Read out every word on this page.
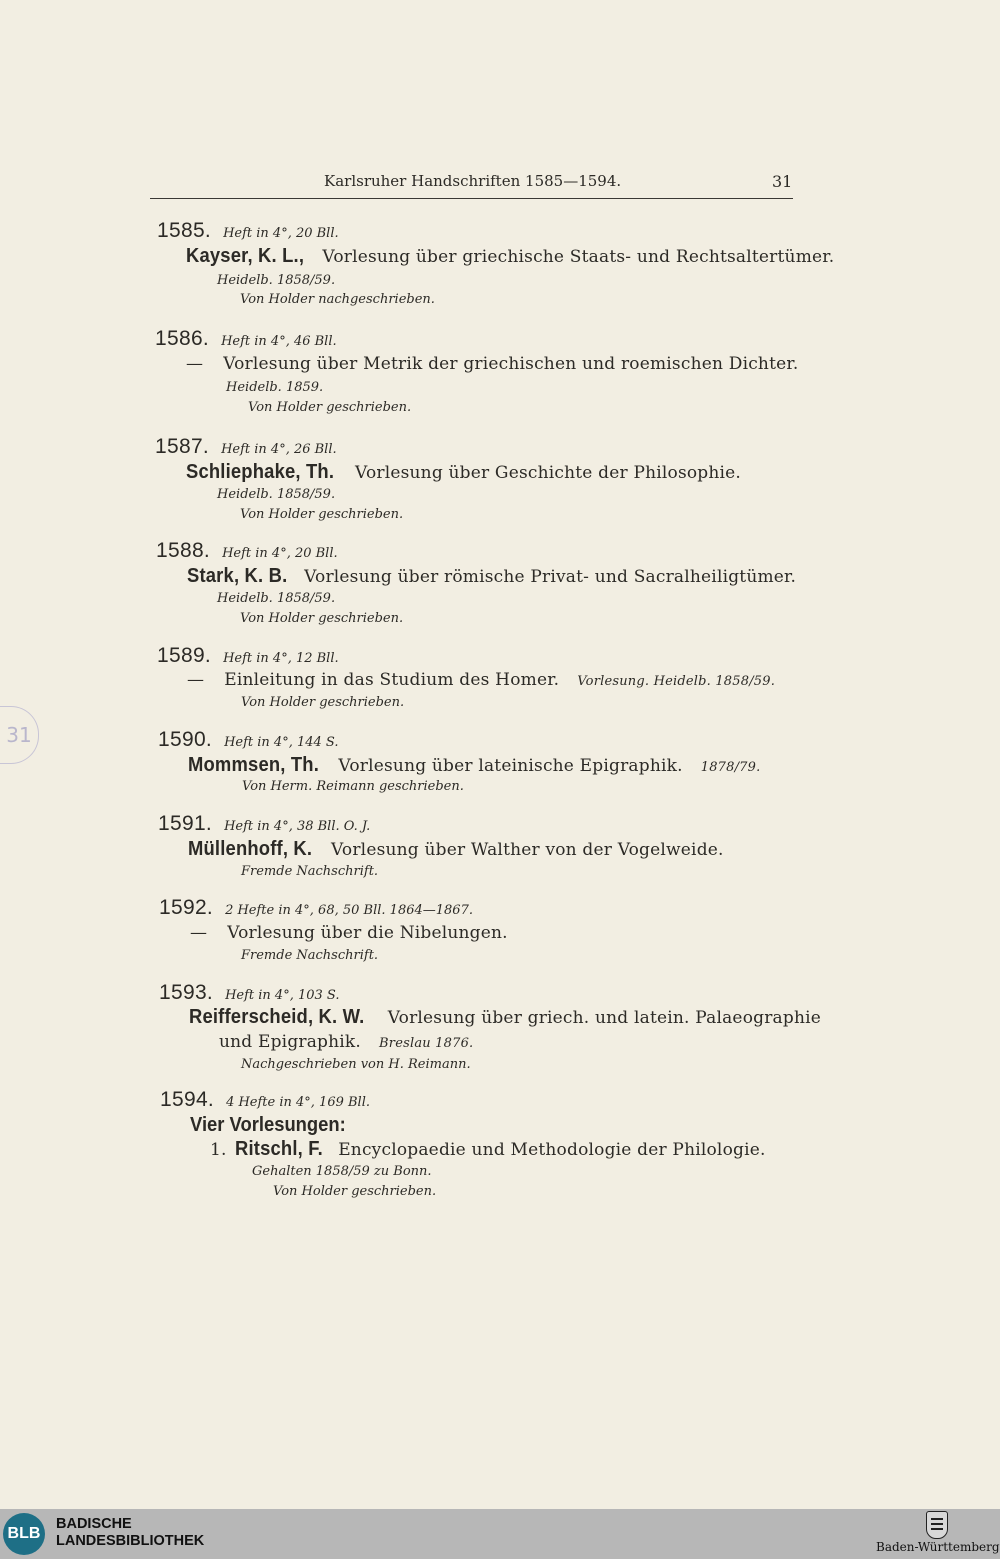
Karlsruher Handschriften 1585—1594.	31
1585. Heft in 4°, 20 Bll.
Kayser, K. L., Vorlesung über griechische Staats- und Rechtsaltertümer.
Heidelb. 1858/59.
Von Holder nachgeschrieben.
1586. Heft in 4°, 46 Bll.
— Vorlesung über Metrik der griechischen und roemischen Dichter.
Heidelb. 1859.
Von Holder geschrieben.
1587. Heft in 4°, 26 Bll.
Schliephake, Th. Vorlesung über Geschichte der Philosophie.
Heidelb. 1858/59.
Von Holder geschrieben.
1588. Heft in 4°, 20 Bll.
Stark, K. B. Vorlesung über römische Privat- und Sacralheiligtümer.
Heidelb. 1858/59.
Von Holder geschrieben.
1589. Heft in 4°, 12 Bll.
— Einleitung in das Studium des Homer. Vorlesung. Heidelb. 1858/59.
Von Holder geschrieben.
1590. Heft in 4°, 144 S.
Mommsen, Th. Vorlesung über lateinische Epigraphik. 1878/79.
Von Herm. Reimann geschrieben.
1591. Heft in 4°, 38 Bll. O. J.
Müllenhoff, K. Vorlesung über Walther von der Vogelweide.
Fremde Nachschrift.
1592. 2 Hefte in 4°, 68, 50 Bll. 1864—1867.
— Vorlesung über die Nibelungen.
Fremde Nachschrift.
1593. Heft in 4°, 103 S.
Reifferscheid, K. W. Vorlesung über griech. und latein. Palaeographie
und Epigraphik. Breslau 1876.
Nachgeschrieben von H. Reimann.
1594. 4 Hefte in 4°, 169 Bll.
Vier Vorlesungen:
1. Ritschl, F. Encyclopaedie und Methodologie der Philologie.
Gehalten 1858/59 zu Bonn.
Von Holder geschrieben.
31
BLB
BADISCHE
LANDESBIBLIOTHEK	Baden-Württemberg
